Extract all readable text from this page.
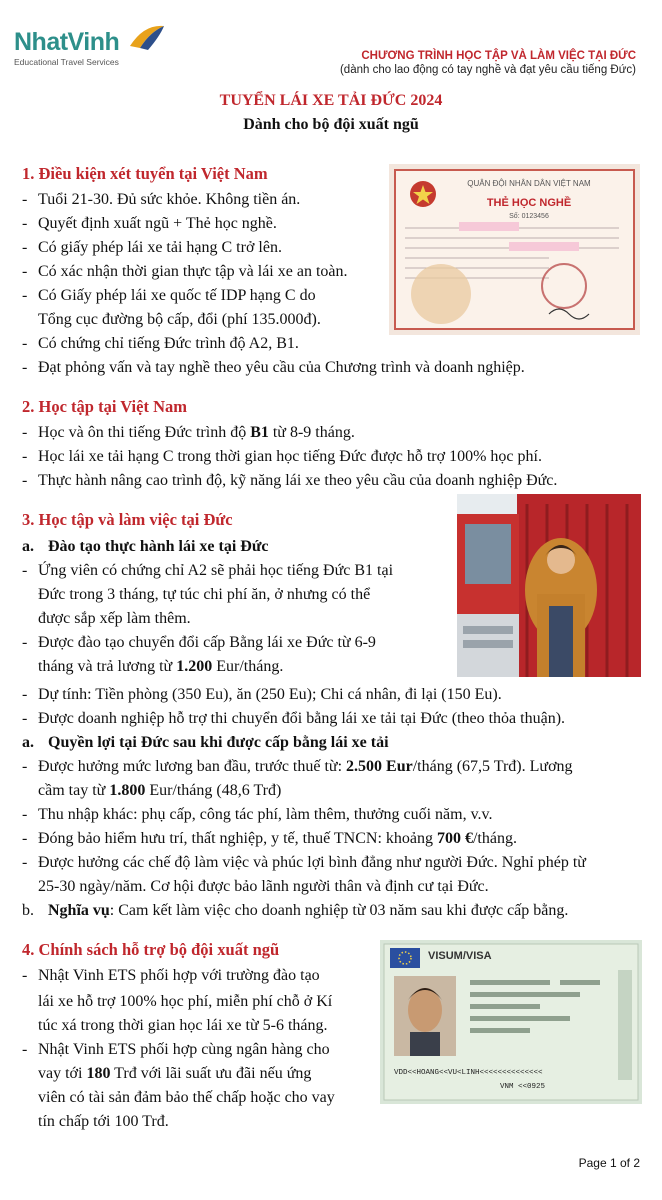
NhatVinh
Educational Travel Services	CHƯƠNG TRÌNH HỌC TẬP VÀ LÀM VIỆC TẠI ĐỨC
(dành cho lao động có tay nghề và đạt yêu cầu tiếng Đức)
TUYỂN LÁI XE TẢI ĐỨC 2024
Dành cho bộ đội xuất ngũ
1. Điều kiện xét tuyển tại Việt Nam
- Tuổi 21-30. Đủ sức khỏe. Không tiền án.
- Quyết định xuất ngũ + Thẻ học nghề.
- Có giấy phép lái xe tải hạng C trở lên.
- Có xác nhận thời gian thực tập và lái xe an toàn.
- Có Giấy phép lái xe quốc tế IDP hạng C do
Tổng cục đường bộ cấp, đổi (phí 135.000đ).
- Có chứng chỉ tiếng Đức trình độ A2, B1.
- Đạt phỏng vấn và tay nghề theo yêu cầu của Chương trình và doanh nghiệp.
QUÂN ĐỘI NHÂN DÂN VIỆT NAM
THẺ HỌC NGHỀ
Số: 0123456
2. Học tập tại Việt Nam
- Học và ôn thi tiếng Đức trình độ B1 từ 8-9 tháng.
- Học lái xe tải hạng C trong thời gian học tiếng Đức được hỗ trợ 100% học phí.
- Thực hành nâng cao trình độ, kỹ năng lái xe theo yêu cầu của doanh nghiệp Đức.
3. Học tập và làm việc tại Đức
a. Đào tạo thực hành lái xe tại Đức
- Ứng viên có chứng chỉ A2 sẽ phải học tiếng Đức B1 tại
Đức trong 3 tháng, tự túc chi phí ăn, ở nhưng có thể
được sắp xếp làm thêm.
- Được đào tạo chuyển đổi cấp Bằng lái xe Đức từ 6-9
tháng và trả lương từ 1.200 Eur/tháng.
- Dự tính: Tiền phòng (350 Eu), ăn (250 Eu); Chi cá nhân, đi lại (150 Eu).
- Được doanh nghiệp hỗ trợ thi chuyển đổi bằng lái xe tải tại Đức (theo thỏa thuận).
a. Quyền lợi tại Đức sau khi được cấp bằng lái xe tải
- Được hưởng mức lương ban đầu, trước thuế từ: 2.500 Eur/tháng (67,5 Trđ). Lương
cầm tay từ 1.800 Eur/tháng (48,6 Trđ)
- Thu nhập khác: phụ cấp, công tác phí, làm thêm, thưởng cuối năm, v.v.
- Đóng bảo hiểm hưu trí, thất nghiệp, y tế, thuế TNCN: khoảng 700 €/tháng.
- Được hưởng các chế độ làm việc và phúc lợi bình đẳng như người Đức. Nghỉ phép từ
25-30 ngày/năm. Cơ hội được bảo lãnh người thân và định cư tại Đức.
b. Nghĩa vụ: Cam kết làm việc cho doanh nghiệp từ 03 năm sau khi được cấp bằng.
4. Chính sách hỗ trợ bộ đội xuất ngũ
- Nhật Vinh ETS phối hợp với trường đào tạo
lái xe hỗ trợ 100% học phí, miễn phí chỗ ở Kí
túc xá trong thời gian học lái xe từ 5-6 tháng.
- Nhật Vinh ETS phối hợp cùng ngân hàng cho
vay tới 180 Trđ với lãi suất ưu đãi nếu ứng
viên có tài sản đảm bảo thế chấp hoặc cho vay
tín chấp tới 100 Trđ.
VISUM/VISA
VDD<<HOANG<<VU<LINH<<<<<<<<<<<<<<
VNM <<0925
Page 1 of 2
